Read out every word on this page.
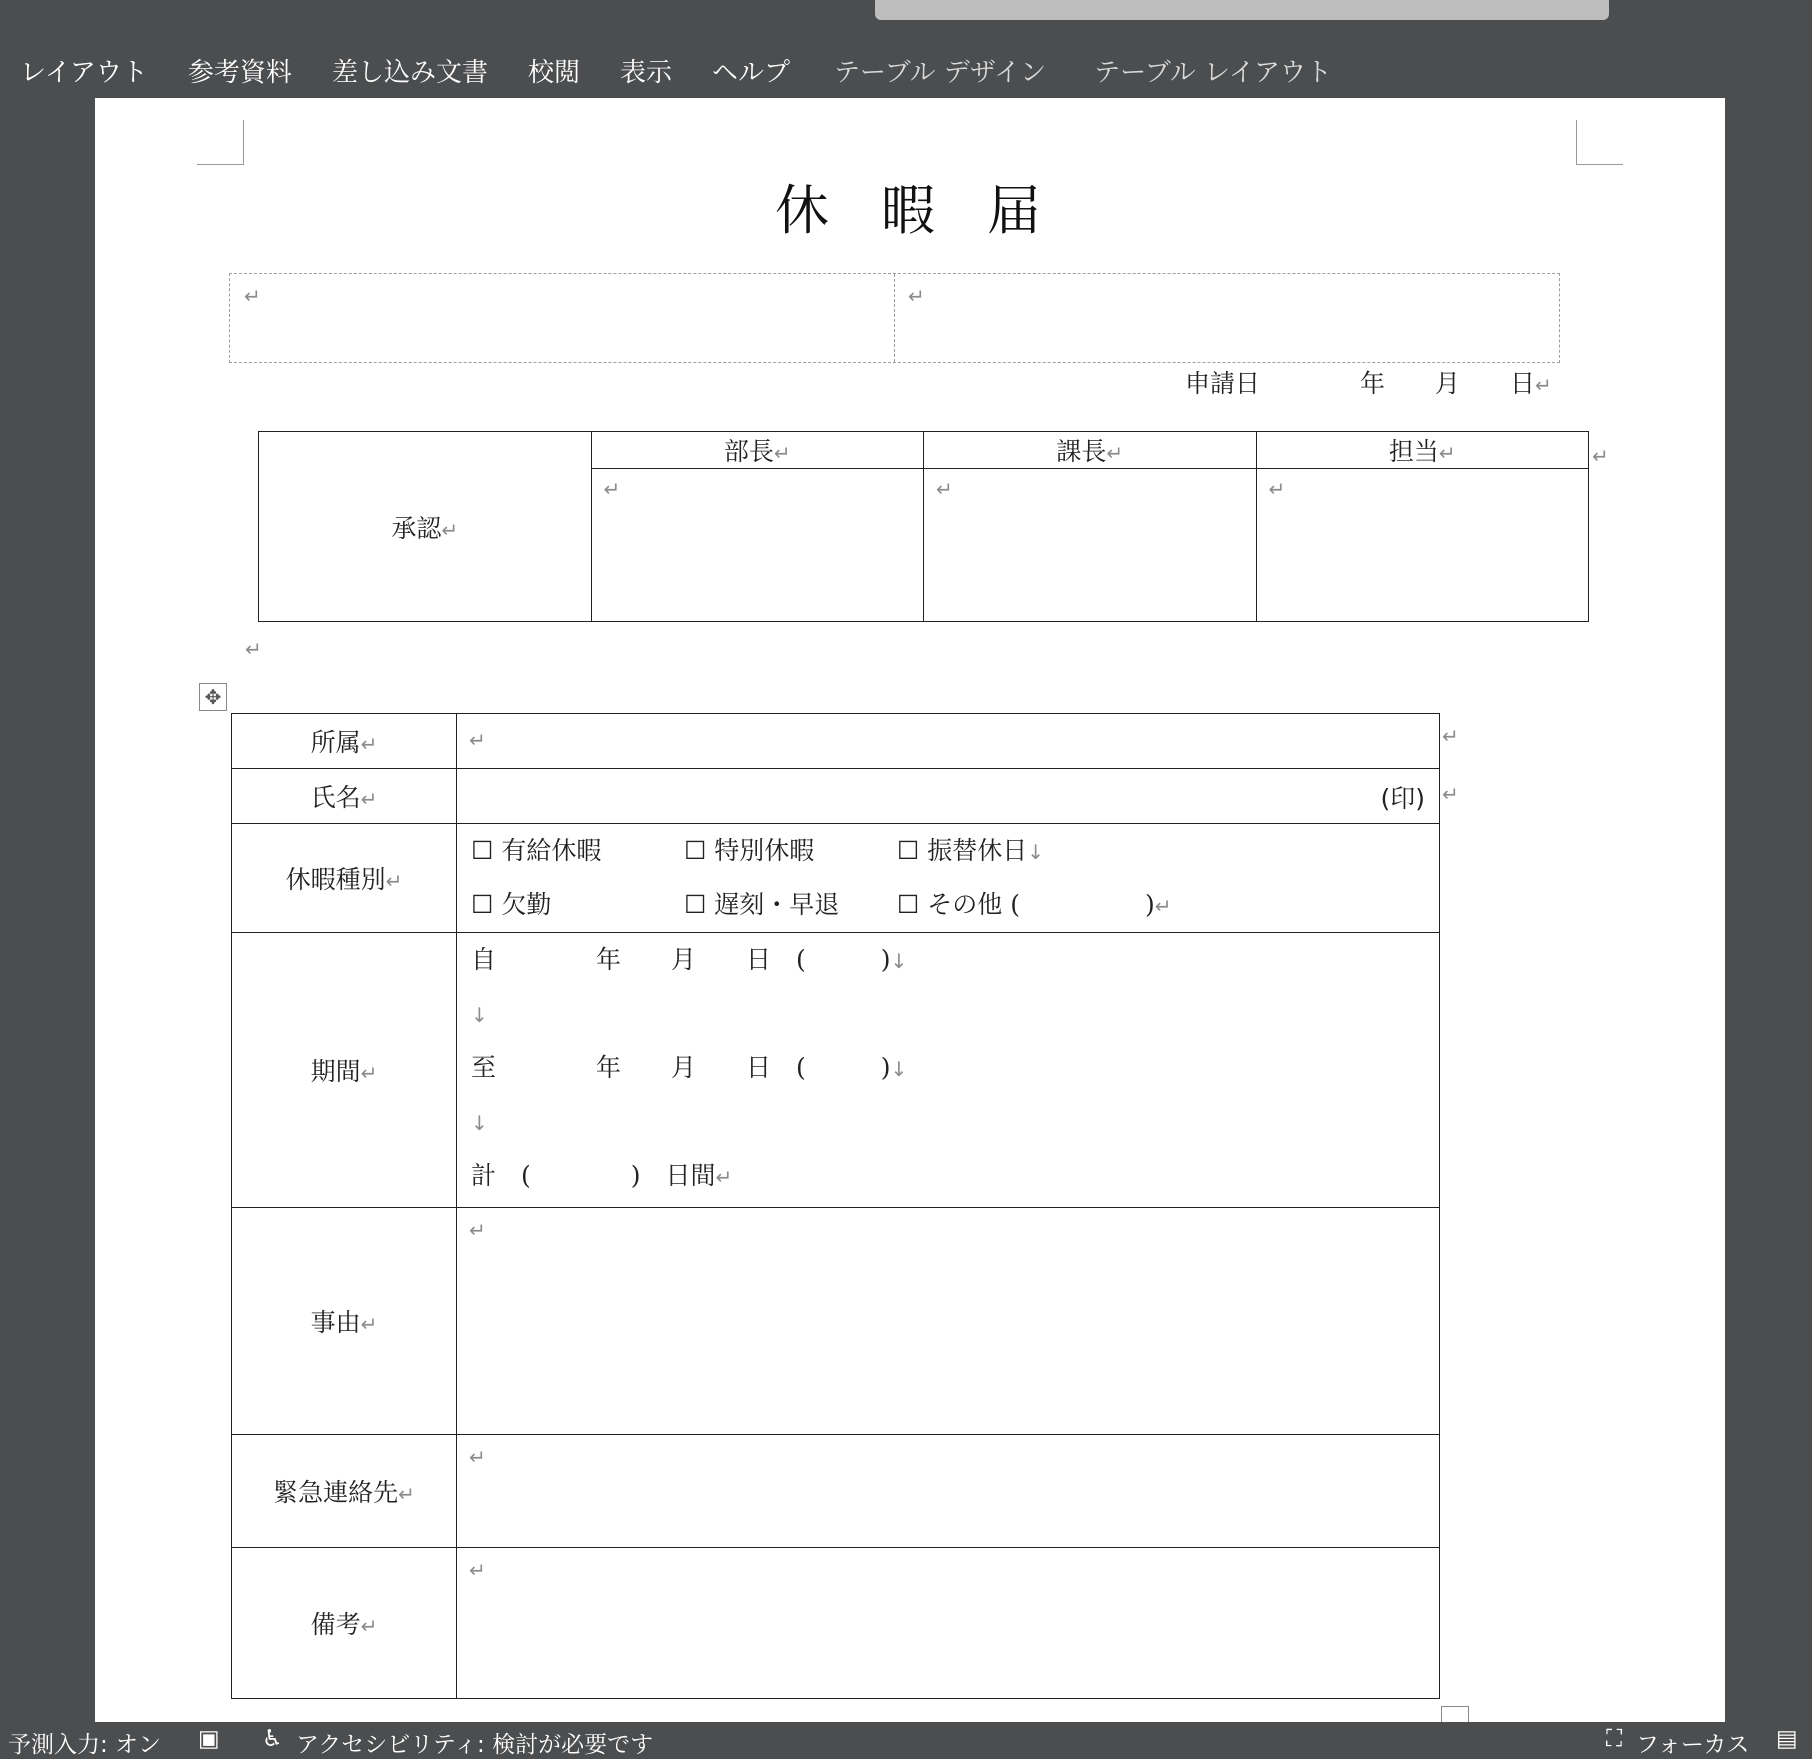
レイアウト	参考資料	差し込み文書	校閲	表示	ヘルプ	テーブル デザイン	テーブル レイアウト
休暇届
↵	↵
申請日　　　　年　　月　　日↵
承認↵	部長↵	課長↵	担当↵

	↵	↵	↵
↵
↵
✥
所属↵	↵

氏名↵	(印)

休暇種別↵	☐ 有給休暇 ☐ 特別休暇 ☐ 振替休日↓
☐ 欠勤 ☐ 遅刻・早退 ☐ その他 (　　　　　)↵

期間↵	自　　　　年　　月　　日　(　　　)↓
↓
至　　　　年　　月　　日　(　　　)↓
↓
計　(　　　　)　日間↵

事由↵	↵

緊急連絡先↵	↵

備考↵	↵
↵
↵
予測入力: オン ▣ ♿ アクセシビリティ: 検討が必要です	⛶ フォーカス ▤
